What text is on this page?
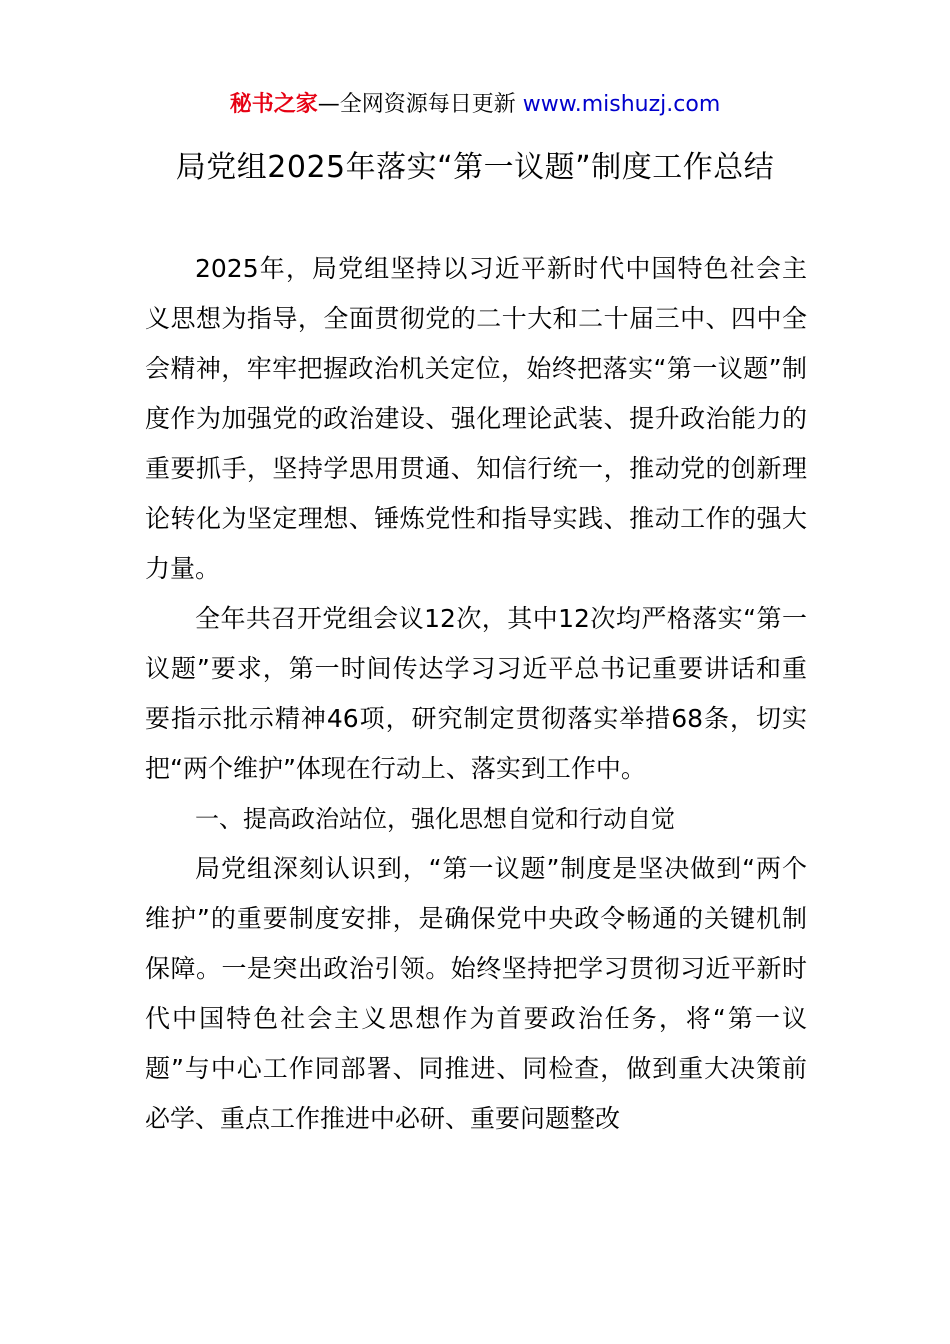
秘书之家—全网资源每日更新 www.mishuzj.com
局党组2025年落实“第一议题”制度工作总结

2025年，局党组坚持以习近平新时代中国特色社会主义思想为指导，全面贯彻党的二十大和二十届三中、四中全会精神，牢牢把握政治机关定位，始终把落实“第一议题”制度作为加强党的政治建设、强化理论武装、提升政治能力的重要抓手，坚持学思用贯通、知信行统一，推动党的创新理论转化为坚定理想、锤炼党性和指导实践、推动工作的强大力量。

全年共召开党组会议12次，其中12次均严格落实“第一议题”要求，第一时间传达学习习近平总书记重要讲话和重要指示批示精神46项，研究制定贯彻落实举措68条，切实把“两个维护”体现在行动上、落实到工作中。

一、提高政治站位，强化思想自觉和行动自觉

局党组深刻认识到，“第一议题”制度是坚决做到“两个维护”的重要制度安排，是确保党中央政令畅通的关键机制保障。一是突出政治引领。始终坚持把学习贯彻习近平新时代中国特色社会主义思想作为首要政治任务，将“第一议题”与中心工作同部署、同推进、同检查，做到重大决策前必学、重点工作推进中必研、重要问题整改
